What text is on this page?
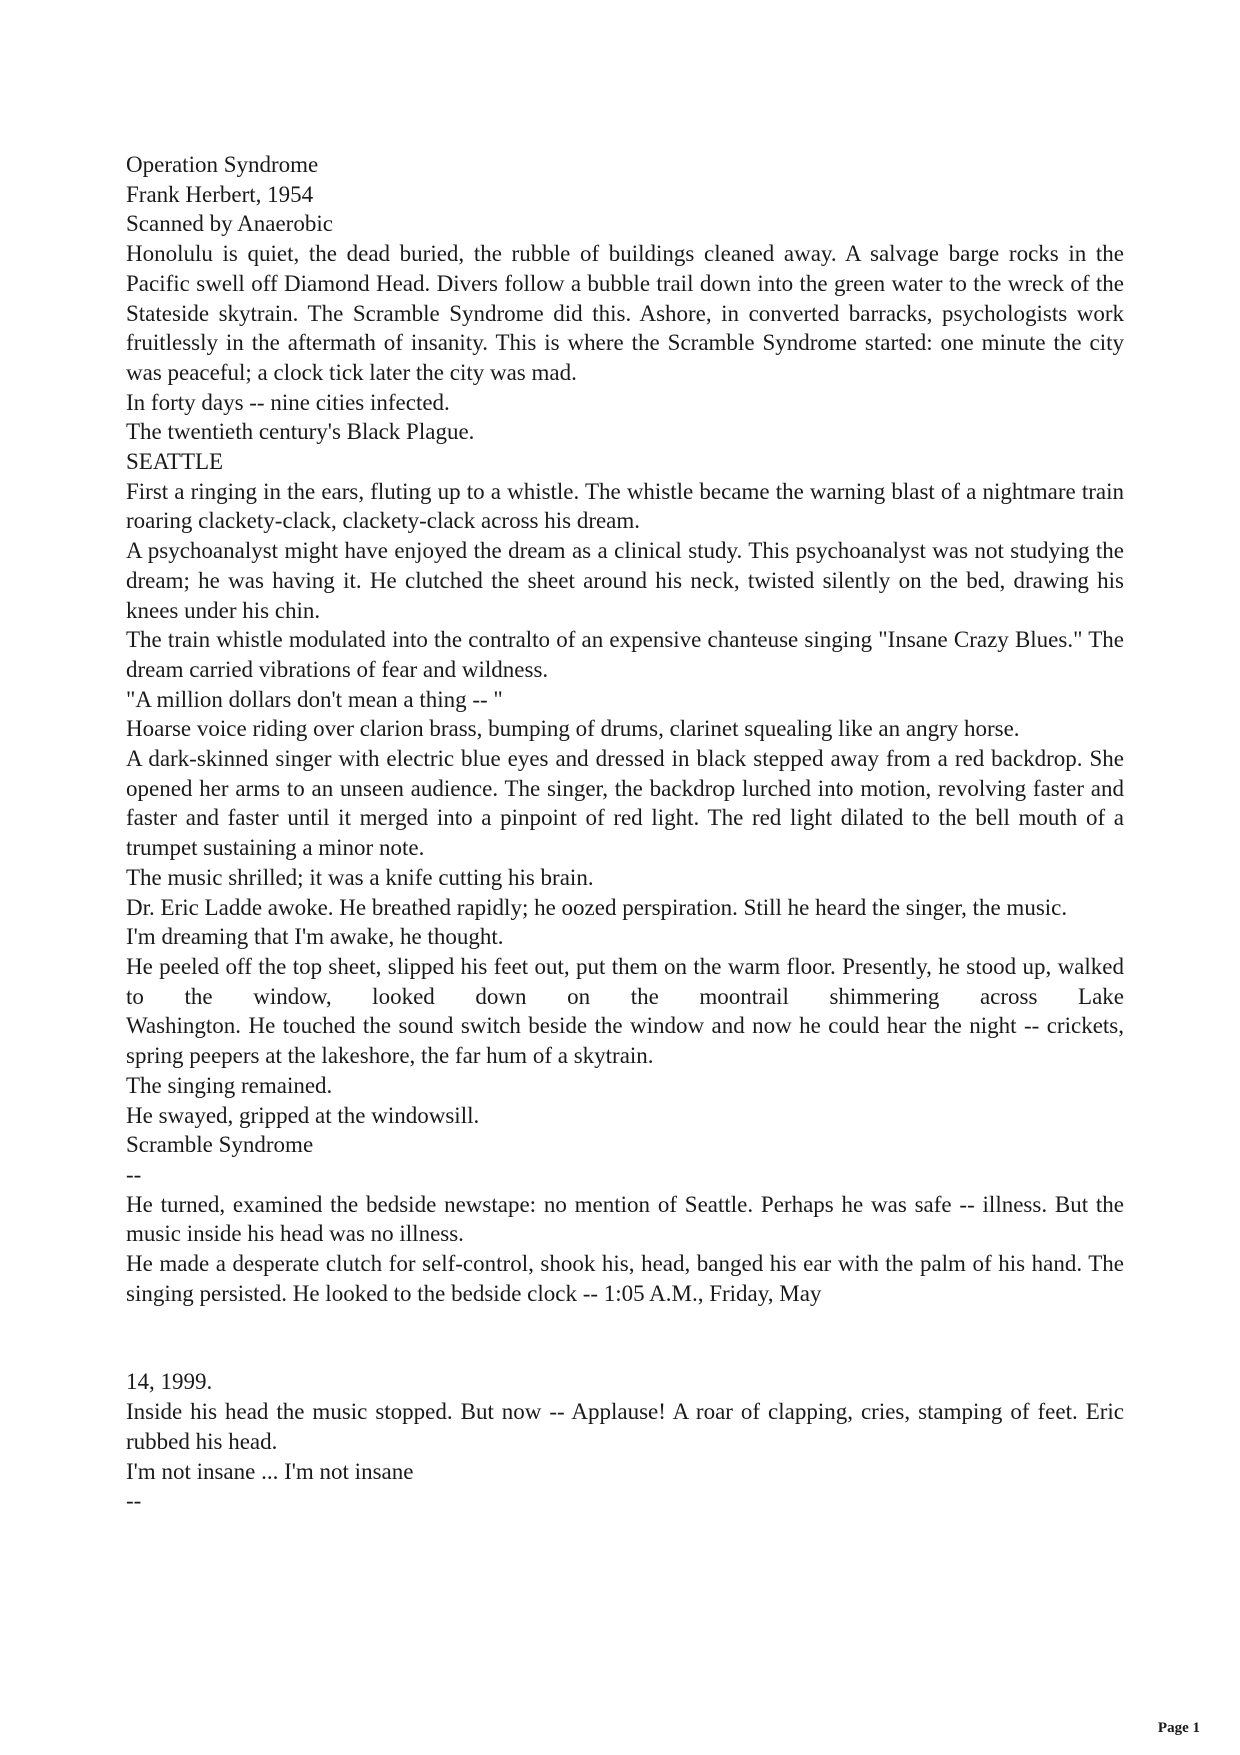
Operation Syndrome

Frank Herbert, 1954

Scanned by Anaerobic

Honolulu is quiet, the dead buried, the rubble of buildings cleaned away. A salvage barge rocks in the Pacific swell off Diamond Head. Divers follow a bubble trail down into the green water to the wreck of the Stateside skytrain. The Scramble Syndrome did this. Ashore, in converted barracks, psychologists work fruitlessly in the aftermath of insanity. This is where the Scramble Syndrome started: one minute the city was peaceful; a clock tick later the city was mad.

In forty days -- nine cities infected.

The twentieth century's Black Plague.

SEATTLE

First a ringing in the ears, fluting up to a whistle. The whistle became the warning blast of a nightmare train roaring clackety-clack, clackety-clack across his dream.

A psychoanalyst might have enjoyed the dream as a clinical study. This psychoanalyst was not studying the dream; he was having it. He clutched the sheet around his neck, twisted silently on the bed, drawing his knees under his chin.

The train whistle modulated into the contralto of an expensive chanteuse singing "Insane Crazy Blues." The dream carried vibrations of fear and wildness.

"A million dollars don't mean a thing -- "

Hoarse voice riding over clarion brass, bumping of drums, clarinet squealing like an angry horse.

A dark-skinned singer with electric blue eyes and dressed in black stepped away from a red backdrop. She opened her arms to an unseen audience. The singer, the backdrop lurched into motion, revolving faster and faster and faster until it merged into a pinpoint of red light. The red light dilated to the bell mouth of a trumpet sustaining a minor note.

The music shrilled; it was a knife cutting his brain.

Dr. Eric Ladde awoke. He breathed rapidly; he oozed perspiration. Still he heard the singer, the music.

I'm dreaming that I'm awake, he thought.

He peeled off the top sheet, slipped his feet out, put them on the warm floor. Presently, he stood up, walked to the window, looked down on the moontrail shimmering across Lake

Washington. He touched the sound switch beside the window and now he could hear the night -- crickets, spring peepers at the lakeshore, the far hum of a skytrain.

The singing remained.

He swayed, gripped at the windowsill.

Scramble Syndrome

--

He turned, examined the bedside newstape: no mention of Seattle. Perhaps he was safe -- illness. But the music inside his head was no illness.

He made a desperate clutch for self-control, shook his, head, banged his ear with the palm of his hand. The singing persisted. He looked to the bedside clock -- 1:05 A.M., Friday, May

14, 1999.

Inside his head the music stopped. But now -- Applause! A roar of clapping, cries, stamping of feet. Eric rubbed his head.

I'm not insane ... I'm not insane

--

Page 1
